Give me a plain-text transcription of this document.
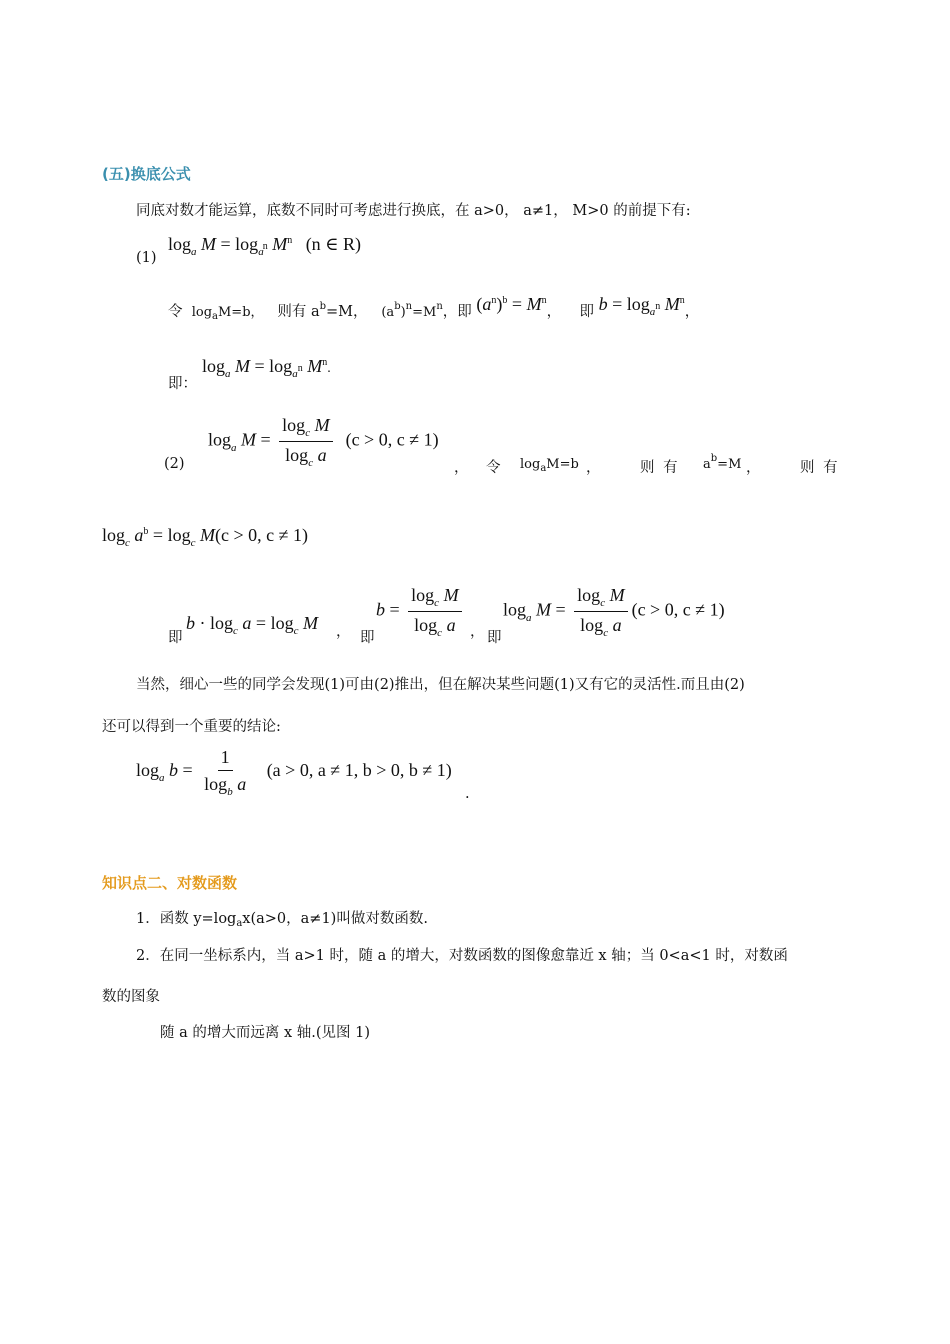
(五)换底公式
同底对数才能运算，底数不同时可考虑进行换底，在 a>0， a≠1， M>0 的前提下有:
(1)
$\log_a M = \log_an$ $M^n$ (n ∈ R)
令 $\log_aM=b$， 则有 $a^b=M$， $(a^b)^n=M^n$，即 $(a^n)^b = M^n$， 即 $b = \log_an$ $M^n$，
即：
$\log_a M = \log_an$ $M^n$.
(2)
$\log_a M = \frac{\log_c M}{\log_c a} (c > 0$, c ≠ 1)
， 令 $\log_aM=b$ ，	则 有 $a^b=M$ ，	则 有
$\log_c a^b = \log_c M(c > 0$, c ≠ 1)
即
$b \cdot \log_c a = \log_c M$ ， 即
$b = \frac{\log_c M}{\log_c a}$ ， 即
$\log_a M = \frac{\log_c M}{\log_c a} (c > 0$, c ≠ 1)
当然，细心一些的同学会发现(1)可由(2)推出，但在解决某些问题(1)又有它的灵活性.而且由(2)
还可以得到一个重要的结论:
$\log_a b = \frac{1}{\log_b a} (a > 0$, a ≠ 1, b > 0, b ≠ 1)
.
知识点二、对数函数
1．函数 $y=\log_ax(a>0$，a≠1)叫做对数函数.
2．在同一坐标系内，当 a>1 时，随 a 的增大，对数函数的图像愈靠近 x 轴；当 0<a<1 时，对数函
数的图象
随 a 的增大而远离 x 轴.(见图 1)
